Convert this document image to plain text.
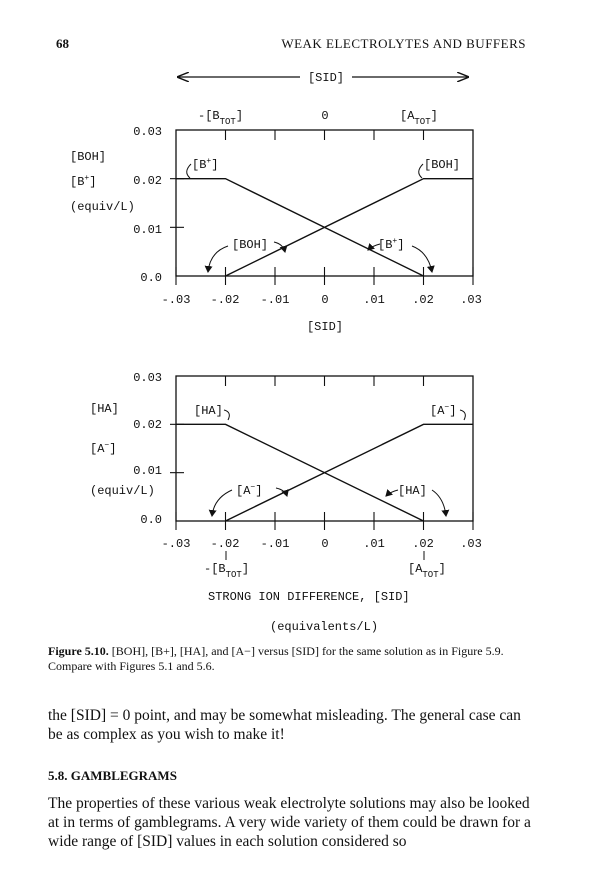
68	WEAK ELECTROLYTES AND BUFFERS
[SID]
0.03
0.02
0.01
0.0
[BOH]
[B+]
(equiv/L)
-.03 -.02 -.01	0	.01 .02 .03
[SID]
$-[B_{TOT}]$	0	$[A_{TOT}]$
[B+]	[BOH]
[BOH]	[B+]
0.03
0.02
0.01
0.0
[HA]
[A−]
(equiv/L)
-.03 -.02 -.01	0	.01 .02 .03
$-[B_{TOT}]$	$[A_{TOT}]$
STRONG ION DIFFERENCE, [SID]
(equivalents/L)
[HA]	[A−]
[A−]	[HA]
Figure 5.10. [BOH], [B+], [HA], and [A−] versus [SID] for the same solution as in Figure 5.9. Compare with Figures 5.1 and 5.6.
the [SID] = 0 point, and may be somewhat misleading. The general case can be as complex as you wish to make it!
5.8. GAMBLEGRAMS
The properties of these various weak electrolyte solutions may also be looked at in terms of gamblegrams. A very wide variety of them could be drawn for a wide range of [SID] values in each solution considered so
